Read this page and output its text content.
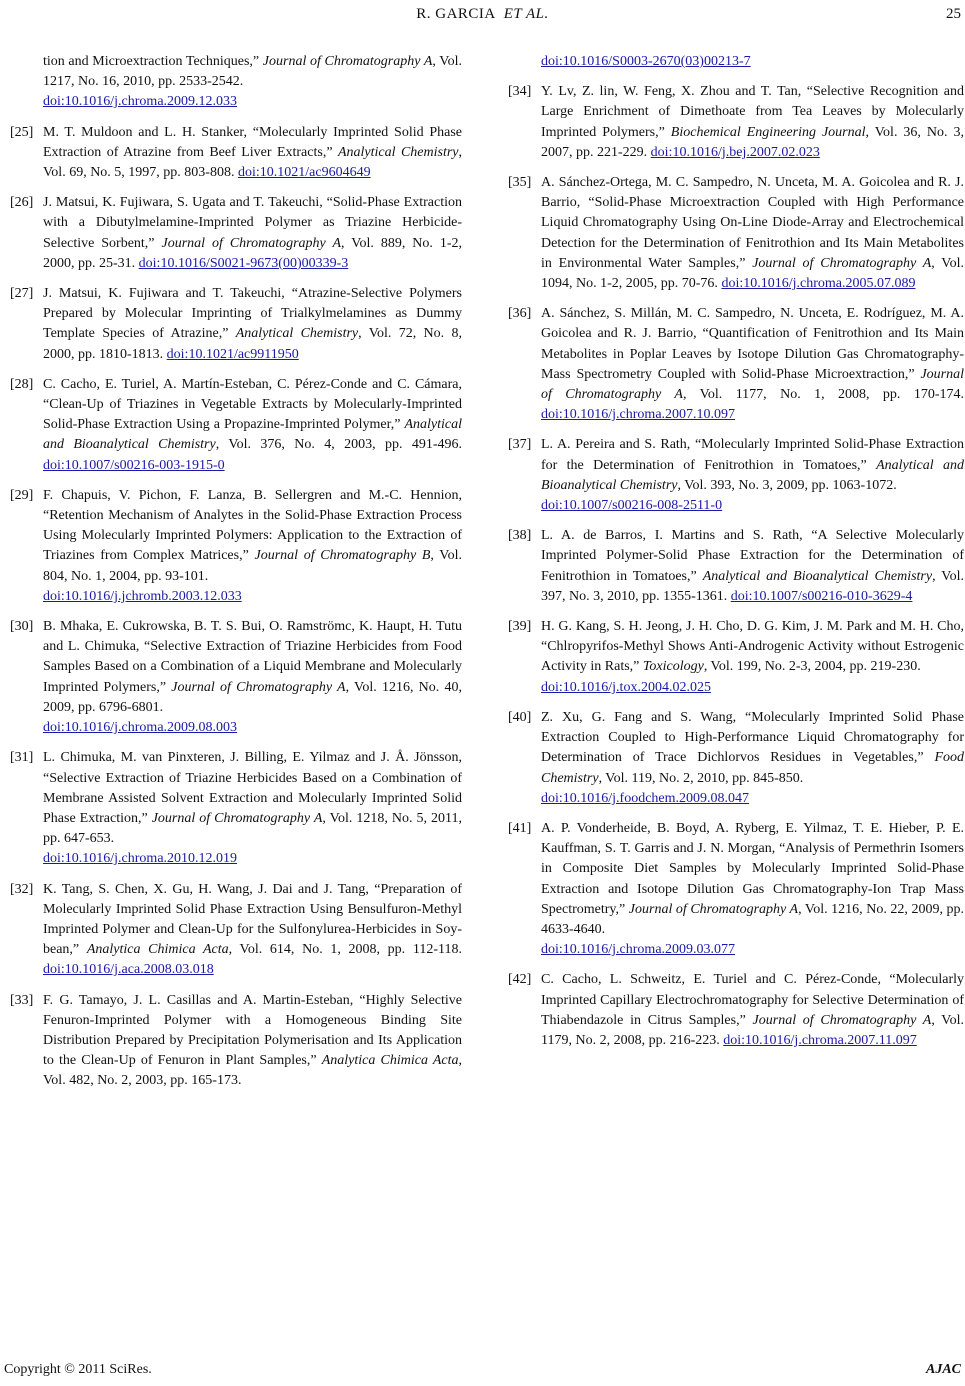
R. GARCIA ET AL.	25
tion and Microextraction Techniques,” Journal of Chromatography A, Vol. 1217, No. 16, 2010, pp. 2533-2542.
doi:10.1016/j.chroma.2009.12.033
[25] M. T. Muldoon and L. H. Stanker, “Molecularly Imprinted Solid Phase Extraction of Atrazine from Beef Liver Extracts,” Analytical Chemistry, Vol. 69, No. 5, 1997, pp. 803-808. doi:10.1021/ac9604649
[26] J. Matsui, K. Fujiwara, S. Ugata and T. Takeuchi, “Solid-Phase Extraction with a Dibutylmelamine-Imprinted Polymer as Triazine Herbicide-Selective Sorbent,” Journal of Chromatography A, Vol. 889, No. 1-2, 2000, pp. 25-31. doi:10.1016/S0021-9673(00)00339-3
[27] J. Matsui, K. Fujiwara and T. Takeuchi, “Atrazine-Selective Polymers Prepared by Molecular Imprinting of Trialkylmelamines as Dummy Template Species of Atrazine,” Analytical Chemistry, Vol. 72, No. 8, 2000, pp. 1810-1813. doi:10.1021/ac9911950
[28] C. Cacho, E. Turiel, A. Martín-Esteban, C. Pérez-Conde and C. Cámara, “Clean-Up of Triazines in Vegetable Extracts by Molecularly-Imprinted Solid-Phase Extraction Using a Propazine-Imprinted Polymer,” Analytical and Bioanalytical Chemistry, Vol. 376, No. 4, 2003, pp. 491-496. doi:10.1007/s00216-003-1915-0
[29] F. Chapuis, V. Pichon, F. Lanza, B. Sellergren and M.-C. Hennion, “Retention Mechanism of Analytes in the Solid-Phase Extraction Process Using Molecularly Imprinted Polymers: Application to the Extraction of Triazines from Complex Matrices,” Journal of Chromatography B, Vol. 804, No. 1, 2004, pp. 93-101.
doi:10.1016/j.jchromb.2003.12.033
[30] B. Mhaka, E. Cukrowska, B. T. S. Bui, O. Ramströmc, K. Haupt, H. Tutu and L. Chimuka, “Selective Extraction of Triazine Herbicides from Food Samples Based on a Combination of a Liquid Membrane and Molecularly Imprinted Polymers,” Journal of Chromatography A, Vol. 1216, No. 40, 2009, pp. 6796-6801.
doi:10.1016/j.chroma.2009.08.003
[31] L. Chimuka, M. van Pinxteren, J. Billing, E. Yilmaz and J. Å. Jönsson, “Selective Extraction of Triazine Herbicides Based on a Combination of Membrane Assisted Solvent Extraction and Molecularly Imprinted Solid Phase Extraction,” Journal of Chromatography A, Vol. 1218, No. 5, 2011, pp. 647-653.
doi:10.1016/j.chroma.2010.12.019
[32] K. Tang, S. Chen, X. Gu, H. Wang, J. Dai and J. Tang, “Preparation of Molecularly Imprinted Solid Phase Extraction Using Bensulfuron-Methyl Imprinted Polymer and Clean-Up for the Sulfonylurea-Herbicides in Soybean,” Analytica Chimica Acta, Vol. 614, No. 1, 2008, pp. 112-118. doi:10.1016/j.aca.2008.03.018
[33] F. G. Tamayo, J. L. Casillas and A. Martin-Esteban, “Highly Selective Fenuron-Imprinted Polymer with a Homogeneous Binding Site Distribution Prepared by Precipitation Polymerisation and Its Application to the Clean-Up of Fenuron in Plant Samples,” Analytica Chimica Acta, Vol. 482, No. 2, 2003, pp. 165-173.
doi:10.1016/S0003-2670(03)00213-7
[34] Y. Lv, Z. lin, W. Feng, X. Zhou and T. Tan, “Selective Recognition and Large Enrichment of Dimethoate from Tea Leaves by Molecularly Imprinted Polymers,” Biochemical Engineering Journal, Vol. 36, No. 3, 2007, pp. 221-229. doi:10.1016/j.bej.2007.02.023
[35] A. Sánchez-Ortega, M. C. Sampedro, N. Unceta, M. A. Goicolea and R. J. Barrio, “Solid-Phase Microextraction Coupled with High Performance Liquid Chromatography Using On-Line Diode-Array and Electrochemical Detection for the Determination of Fenitrothion and Its Main Metabolites in Environmental Water Samples,” Journal of Chromatography A, Vol. 1094, No. 1-2, 2005, pp. 70-76. doi:10.1016/j.chroma.2005.07.089
[36] A. Sánchez, S. Millán, M. C. Sampedro, N. Unceta, E. Rodríguez, M. A. Goicolea and R. J. Barrio, “Quantification of Fenitrothion and Its Main Metabolites in Poplar Leaves by Isotope Dilution Gas Chromatography-Mass Spectrometry Coupled with Solid-Phase Microextraction,” Journal of Chromatography A, Vol. 1177, No. 1, 2008, pp. 170-174. doi:10.1016/j.chroma.2007.10.097
[37] L. A. Pereira and S. Rath, “Molecularly Imprinted Solid-Phase Extraction for the Determination of Fenitrothion in Tomatoes,” Analytical and Bioanalytical Chemistry, Vol. 393, No. 3, 2009, pp. 1063-1072.
doi:10.1007/s00216-008-2511-0
[38] L. A. de Barros, I. Martins and S. Rath, “A Selective Molecularly Imprinted Polymer-Solid Phase Extraction for the Determination of Fenitrothion in Tomatoes,” Analytical and Bioanalytical Chemistry, Vol. 397, No. 3, 2010, pp. 1355-1361. doi:10.1007/s00216-010-3629-4
[39] H. G. Kang, S. H. Jeong, J. H. Cho, D. G. Kim, J. M. Park and M. H. Cho, “Chlropyrifos-Methyl Shows Anti-Androgenic Activity without Estrogenic Activity in Rats,” Toxicology, Vol. 199, No. 2-3, 2004, pp. 219-230.
doi:10.1016/j.tox.2004.02.025
[40] Z. Xu, G. Fang and S. Wang, “Molecularly Imprinted Solid Phase Extraction Coupled to High-Performance Liquid Chromatography for Determination of Trace Dichlorvos Residues in Vegetables,” Food Chemistry, Vol. 119, No. 2, 2010, pp. 845-850.
doi:10.1016/j.foodchem.2009.08.047
[41] A. P. Vonderheide, B. Boyd, A. Ryberg, E. Yilmaz, T. E. Hieber, P. E. Kauffman, S. T. Garris and J. N. Morgan, “Analysis of Permethrin Isomers in Composite Diet Samples by Molecularly Imprinted Solid-Phase Extraction and Isotope Dilution Gas Chromatography-Ion Trap Mass Spectrometry,” Journal of Chromatography A, Vol. 1216, No. 22, 2009, pp. 4633-4640.
doi:10.1016/j.chroma.2009.03.077
[42] C. Cacho, L. Schweitz, E. Turiel and C. Pérez-Conde, “Molecularly Imprinted Capillary Electrochromatography for Selective Determination of Thiabendazole in Citrus Samples,” Journal of Chromatography A, Vol. 1179, No. 2, 2008, pp. 216-223. doi:10.1016/j.chroma.2007.11.097
Copyright © 2011 SciRes.	AJAC
